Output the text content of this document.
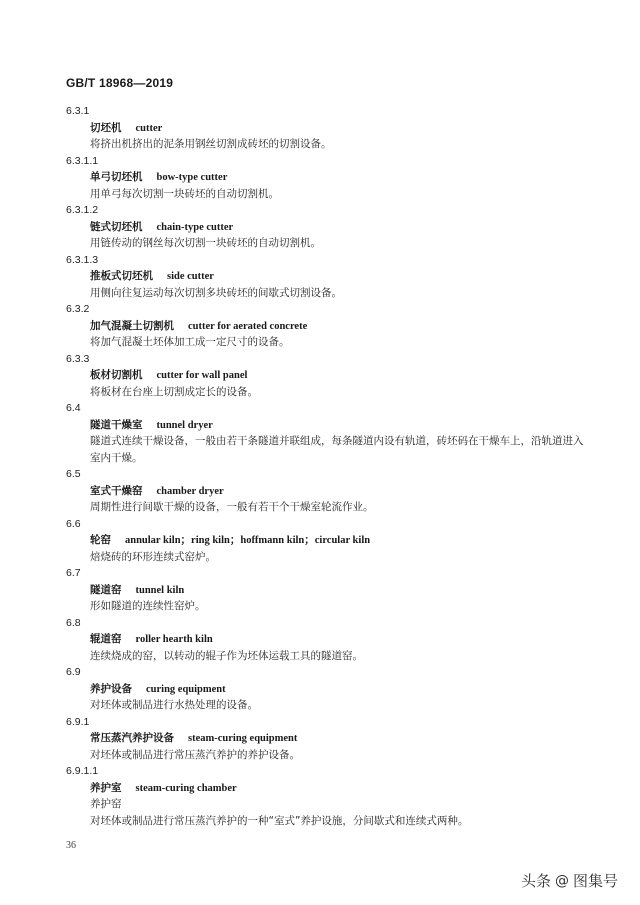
GB/T 18968—2019
6.3.1
切坯机 cutter
将挤出机挤出的泥条用钢丝切割成砖坯的切割设备。
6.3.1.1
单弓切坯机 bow-type cutter
用单弓每次切割一块砖坯的自动切割机。
6.3.1.2
链式切坯机 chain-type cutter
用链传动的钢丝每次切割一块砖坯的自动切割机。
6.3.1.3
推板式切坯机 side cutter
用侧向往复运动每次切割多块砖坯的间歇式切割设备。
6.3.2
加气混凝土切割机 cutter for aerated concrete
将加气混凝土坯体加工成一定尺寸的设备。
6.3.3
板材切割机 cutter for wall panel
将板材在台座上切割成定长的设备。
6.4
隧道干燥室 tunnel dryer
隧道式连续干燥设备，一般由若干条隧道并联组成，每条隧道内设有轨道，砖坯码在干燥车上，沿轨道进入室内干燥。
6.5
室式干燥窑 chamber dryer
周期性进行间歇干燥的设备，一般有若干个干燥室轮流作业。
6.6
轮窑 annular kiln；ring kiln；hoffmann kiln；circular kiln
焙烧砖的环形连续式窑炉。
6.7
隧道窑 tunnel kiln
形如隧道的连续性窑炉。
6.8
辊道窑 roller hearth kiln
连续烧成的窑，以转动的辊子作为坯体运载工具的隧道窑。
6.9
养护设备 curing equipment
对坯体或制品进行水热处理的设备。
6.9.1
常压蒸汽养护设备 steam-curing equipment
对坯体或制品进行常压蒸汽养护的养护设备。
6.9.1.1
养护室 steam-curing chamber
养护窑
对坯体或制品进行常压蒸汽养护的一种“室式”养护设施，分间歇式和连续式两种。
36
头条 @ 图集号
